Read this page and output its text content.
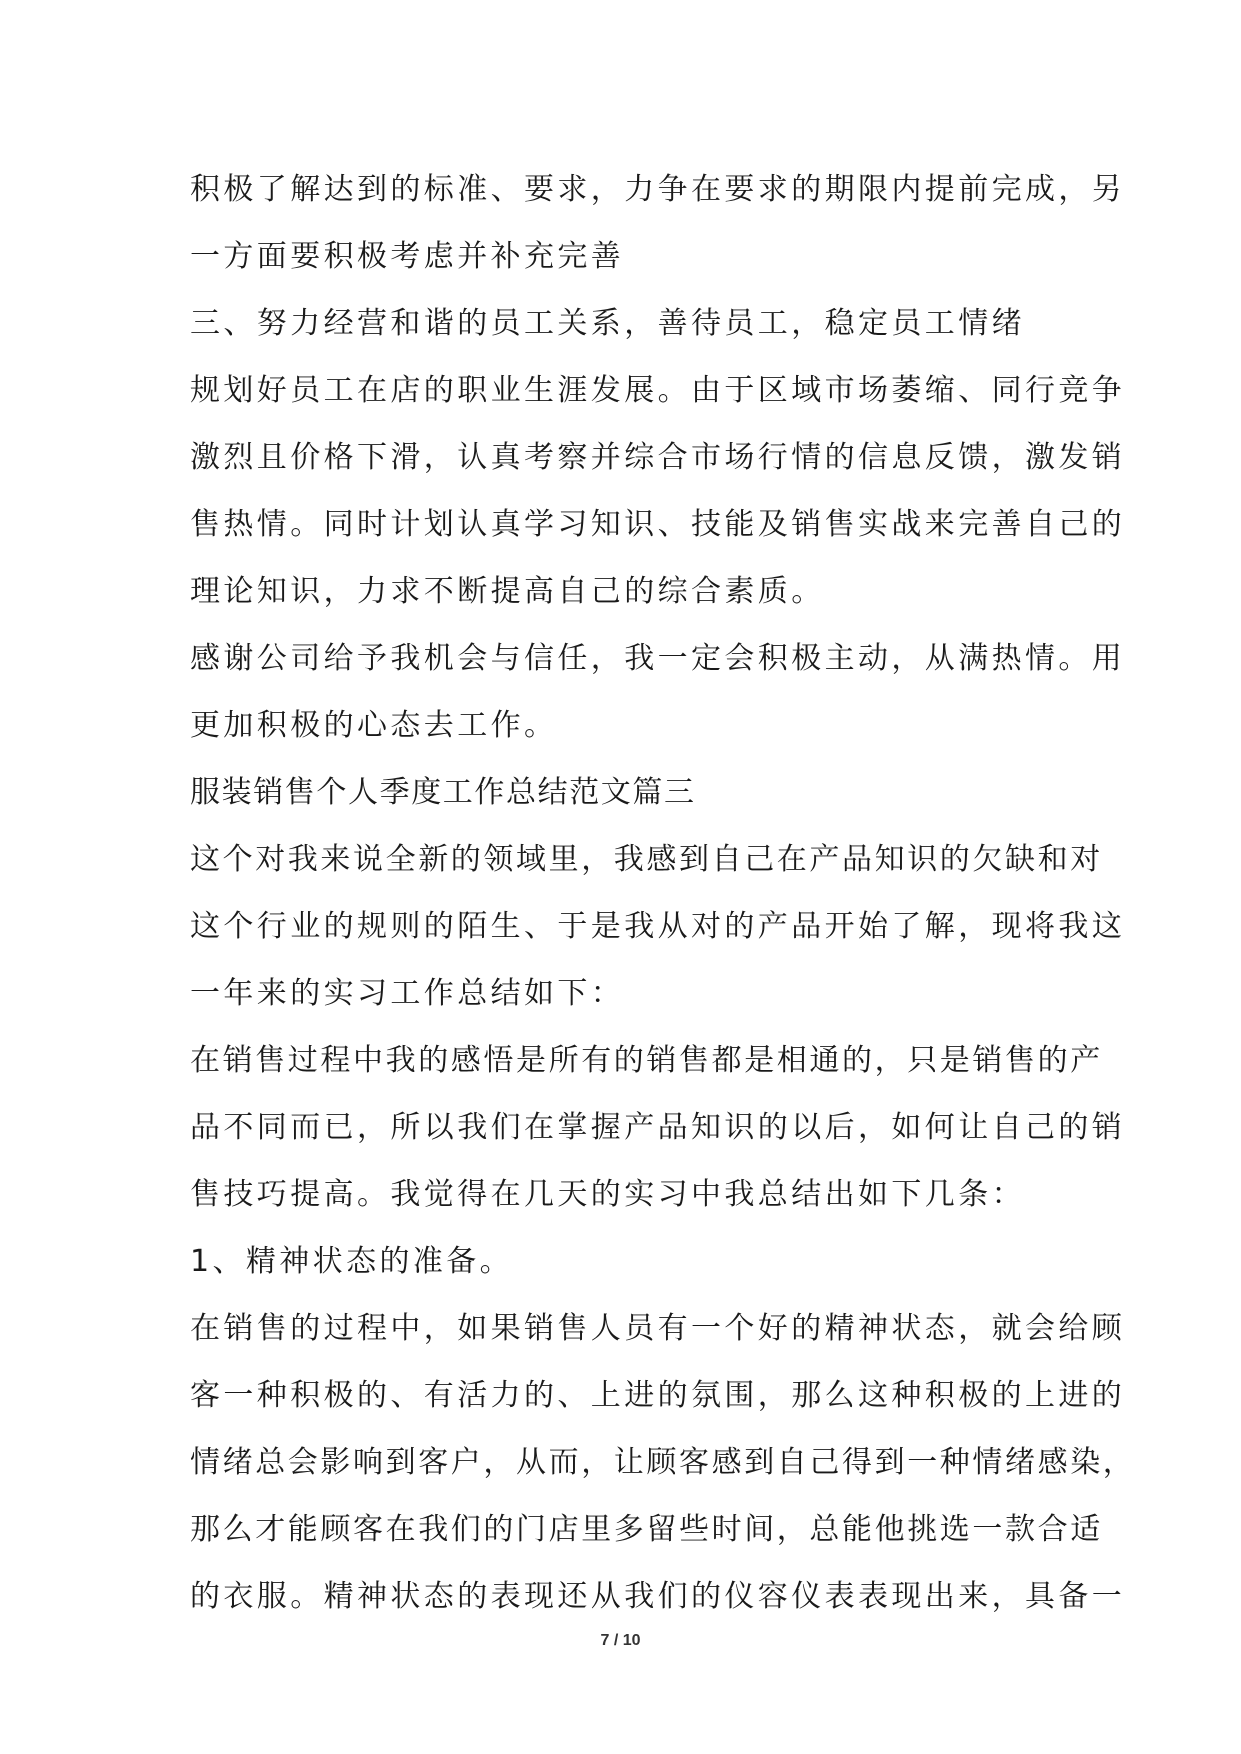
积极了解达到的标准、要求，力争在要求的期限内提前完成，另
一方面要积极考虑并补充完善
三、努力经营和谐的员工关系，善待员工，稳定员工情绪
规划好员工在店的职业生涯发展。由于区域市场萎缩、同行竞争
激烈且价格下滑，认真考察并综合市场行情的信息反馈，激发销
售热情。同时计划认真学习知识、技能及销售实战来完善自己的
理论知识，力求不断提高自己的综合素质。
感谢公司给予我机会与信任，我一定会积极主动，从满热情。用
更加积极的心态去工作。
服装销售个人季度工作总结范文篇三
这个对我来说全新的领域里，我感到自己在产品知识的欠缺和对
这个行业的规则的陌生、于是我从对的产品开始了解，现将我这
一年来的实习工作总结如下：
在销售过程中我的感悟是所有的销售都是相通的，只是销售的产
品不同而已，所以我们在掌握产品知识的以后，如何让自己的销
售技巧提高。我觉得在几天的实习中我总结出如下几条：
1、精神状态的准备。
在销售的过程中，如果销售人员有一个好的精神状态，就会给顾
客一种积极的、有活力的、上进的氛围，那么这种积极的上进的
情绪总会影响到客户，从而，让顾客感到自己得到一种情绪感染，
那么才能顾客在我们的门店里多留些时间，总能他挑选一款合适
的衣服。精神状态的表现还从我们的仪容仪表表现出来，具备一
7 / 10
